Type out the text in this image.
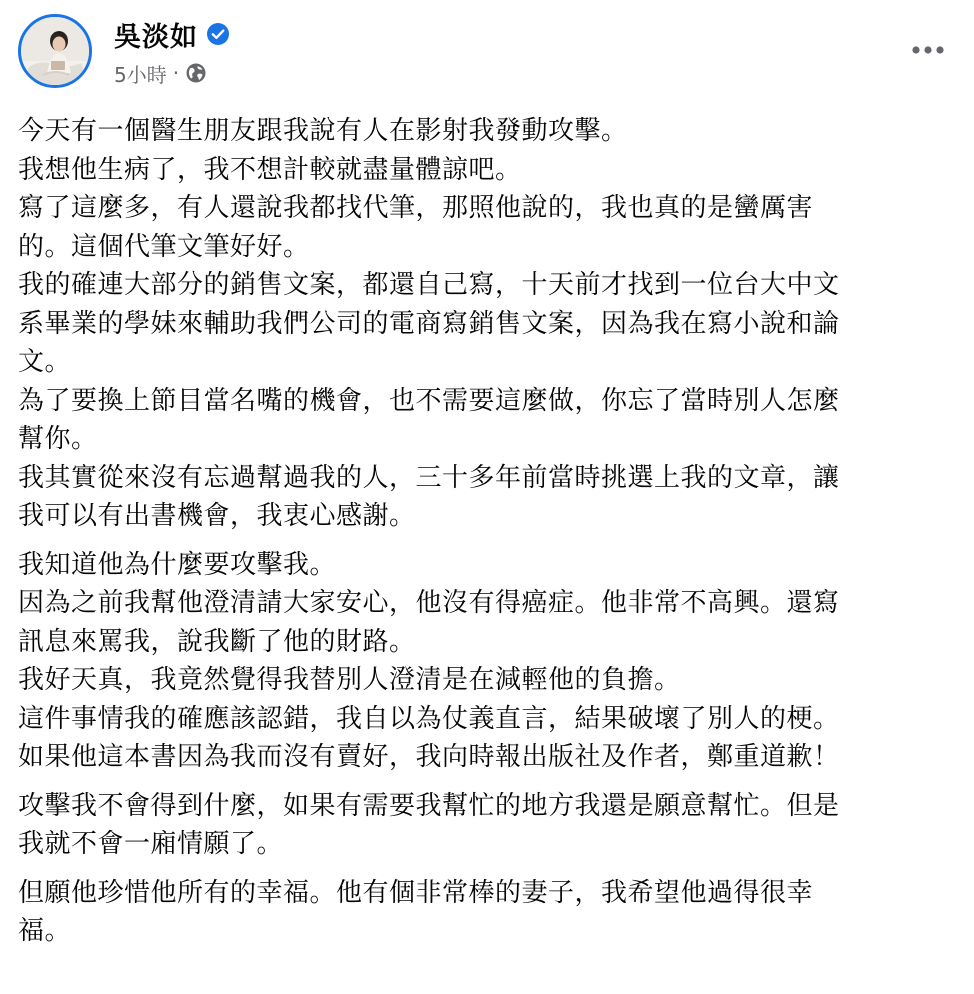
吳淡如
5小時 ·

今天有一個醫生朋友跟我說有人在影射我發動攻擊。
我想他生病了，我不想計較就盡量體諒吧。
寫了這麼多，有人還說我都找代筆，那照他說的，我也真的是蠻厲害
的。這個代筆文筆好好。
我的確連大部分的銷售文案，都還自己寫，十天前才找到一位台大中文
系畢業的學妹來輔助我們公司的電商寫銷售文案，因為我在寫小說和論
文。
為了要換上節目當名嘴的機會，也不需要這麼做，你忘了當時別人怎麼
幫你。
我其實從來沒有忘過幫過我的人，三十多年前當時挑選上我的文章，讓
我可以有出書機會，我衷心感謝。

我知道他為什麼要攻擊我。
因為之前我幫他澄清請大家安心，他沒有得癌症。他非常不高興。還寫
訊息來罵我，說我斷了他的財路。
我好天真，我竟然覺得我替別人澄清是在減輕他的負擔。
這件事情我的確應該認錯，我自以為仗義直言，結果破壞了別人的梗。
如果他這本書因為我而沒有賣好，我向時報出版社及作者，鄭重道歉！

攻擊我不會得到什麼，如果有需要我幫忙的地方我還是願意幫忙。但是
我就不會一廂情願了。

但願他珍惜他所有的幸福。他有個非常棒的妻子，我希望他過得很幸
福。
